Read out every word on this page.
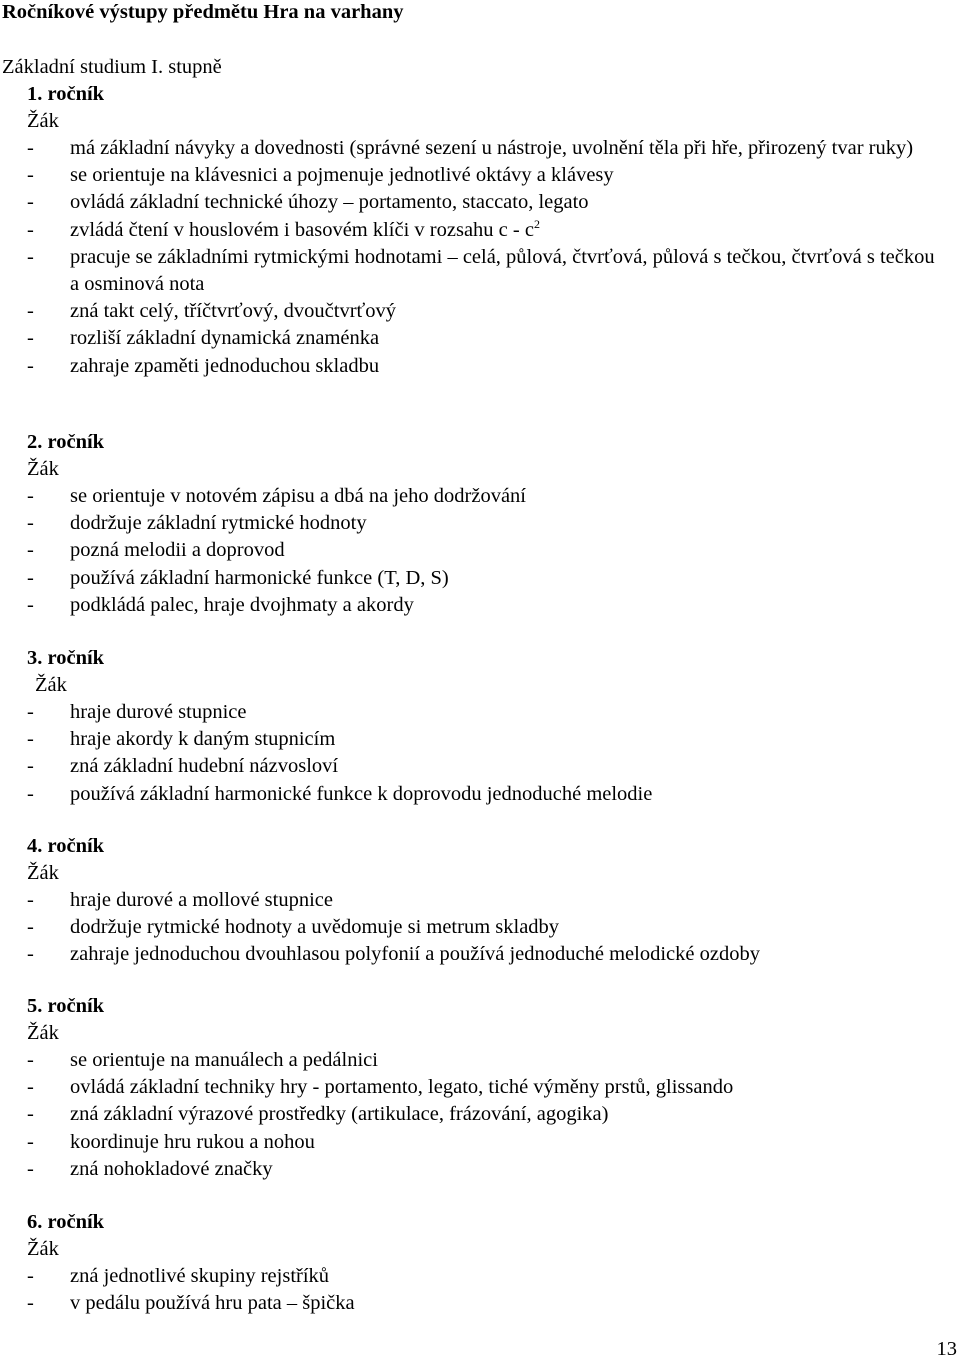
Ročníkové výstupy předmětu Hra na varhany
Základní studium I. stupně
1. ročník
Žák
- má základní návyky a dovednosti (správné sezení u nástroje, uvolnění těla při hře, přirozený tvar ruky)
- se orientuje na klávesnici a pojmenuje jednotlivé oktávy a klávesy
- ovládá základní technické úhozy – portamento, staccato, legato
- zvládá čtení v houslovém i basovém klíči v rozsahu c - $c^2$
- pracuje se základními rytmickými hodnotami – celá, půlová, čtvrťová, půlová s tečkou, čtvrťová s tečkou a osminová nota
- zná takt celý, tříčtvrťový, dvoučtvrťový
- rozliší základní dynamická znaménka
- zahraje zpaměti jednoduchou skladbu
2. ročník
Žák
- se orientuje v notovém zápisu a dbá na jeho dodržování
- dodržuje základní rytmické hodnoty
- pozná melodii a doprovod
- používá základní harmonické funkce (T, D, S)
- podkládá palec, hraje dvojhmaty a akordy
3. ročník
Žák
- hraje durové stupnice
- hraje akordy k daným stupnicím
- zná základní hudební názvosloví
- používá základní harmonické funkce k doprovodu jednoduché melodie
4. ročník
Žák
- hraje durové a mollové stupnice
- dodržuje rytmické hodnoty a uvědomuje si metrum skladby
- zahraje jednoduchou dvouhlasou polyfonií a používá jednoduché melodické ozdoby
5. ročník
Žák
- se orientuje na manuálech a pedálnici
- ovládá základní techniky hry - portamento, legato, tiché výměny prstů, glissando
- zná základní výrazové prostředky (artikulace, frázování, agogika)
- koordinuje hru rukou a nohou
- zná nohokladové značky
6. ročník
Žák
- zná jednotlivé skupiny rejstříků
- v pedálu používá hru pata – špička
13
